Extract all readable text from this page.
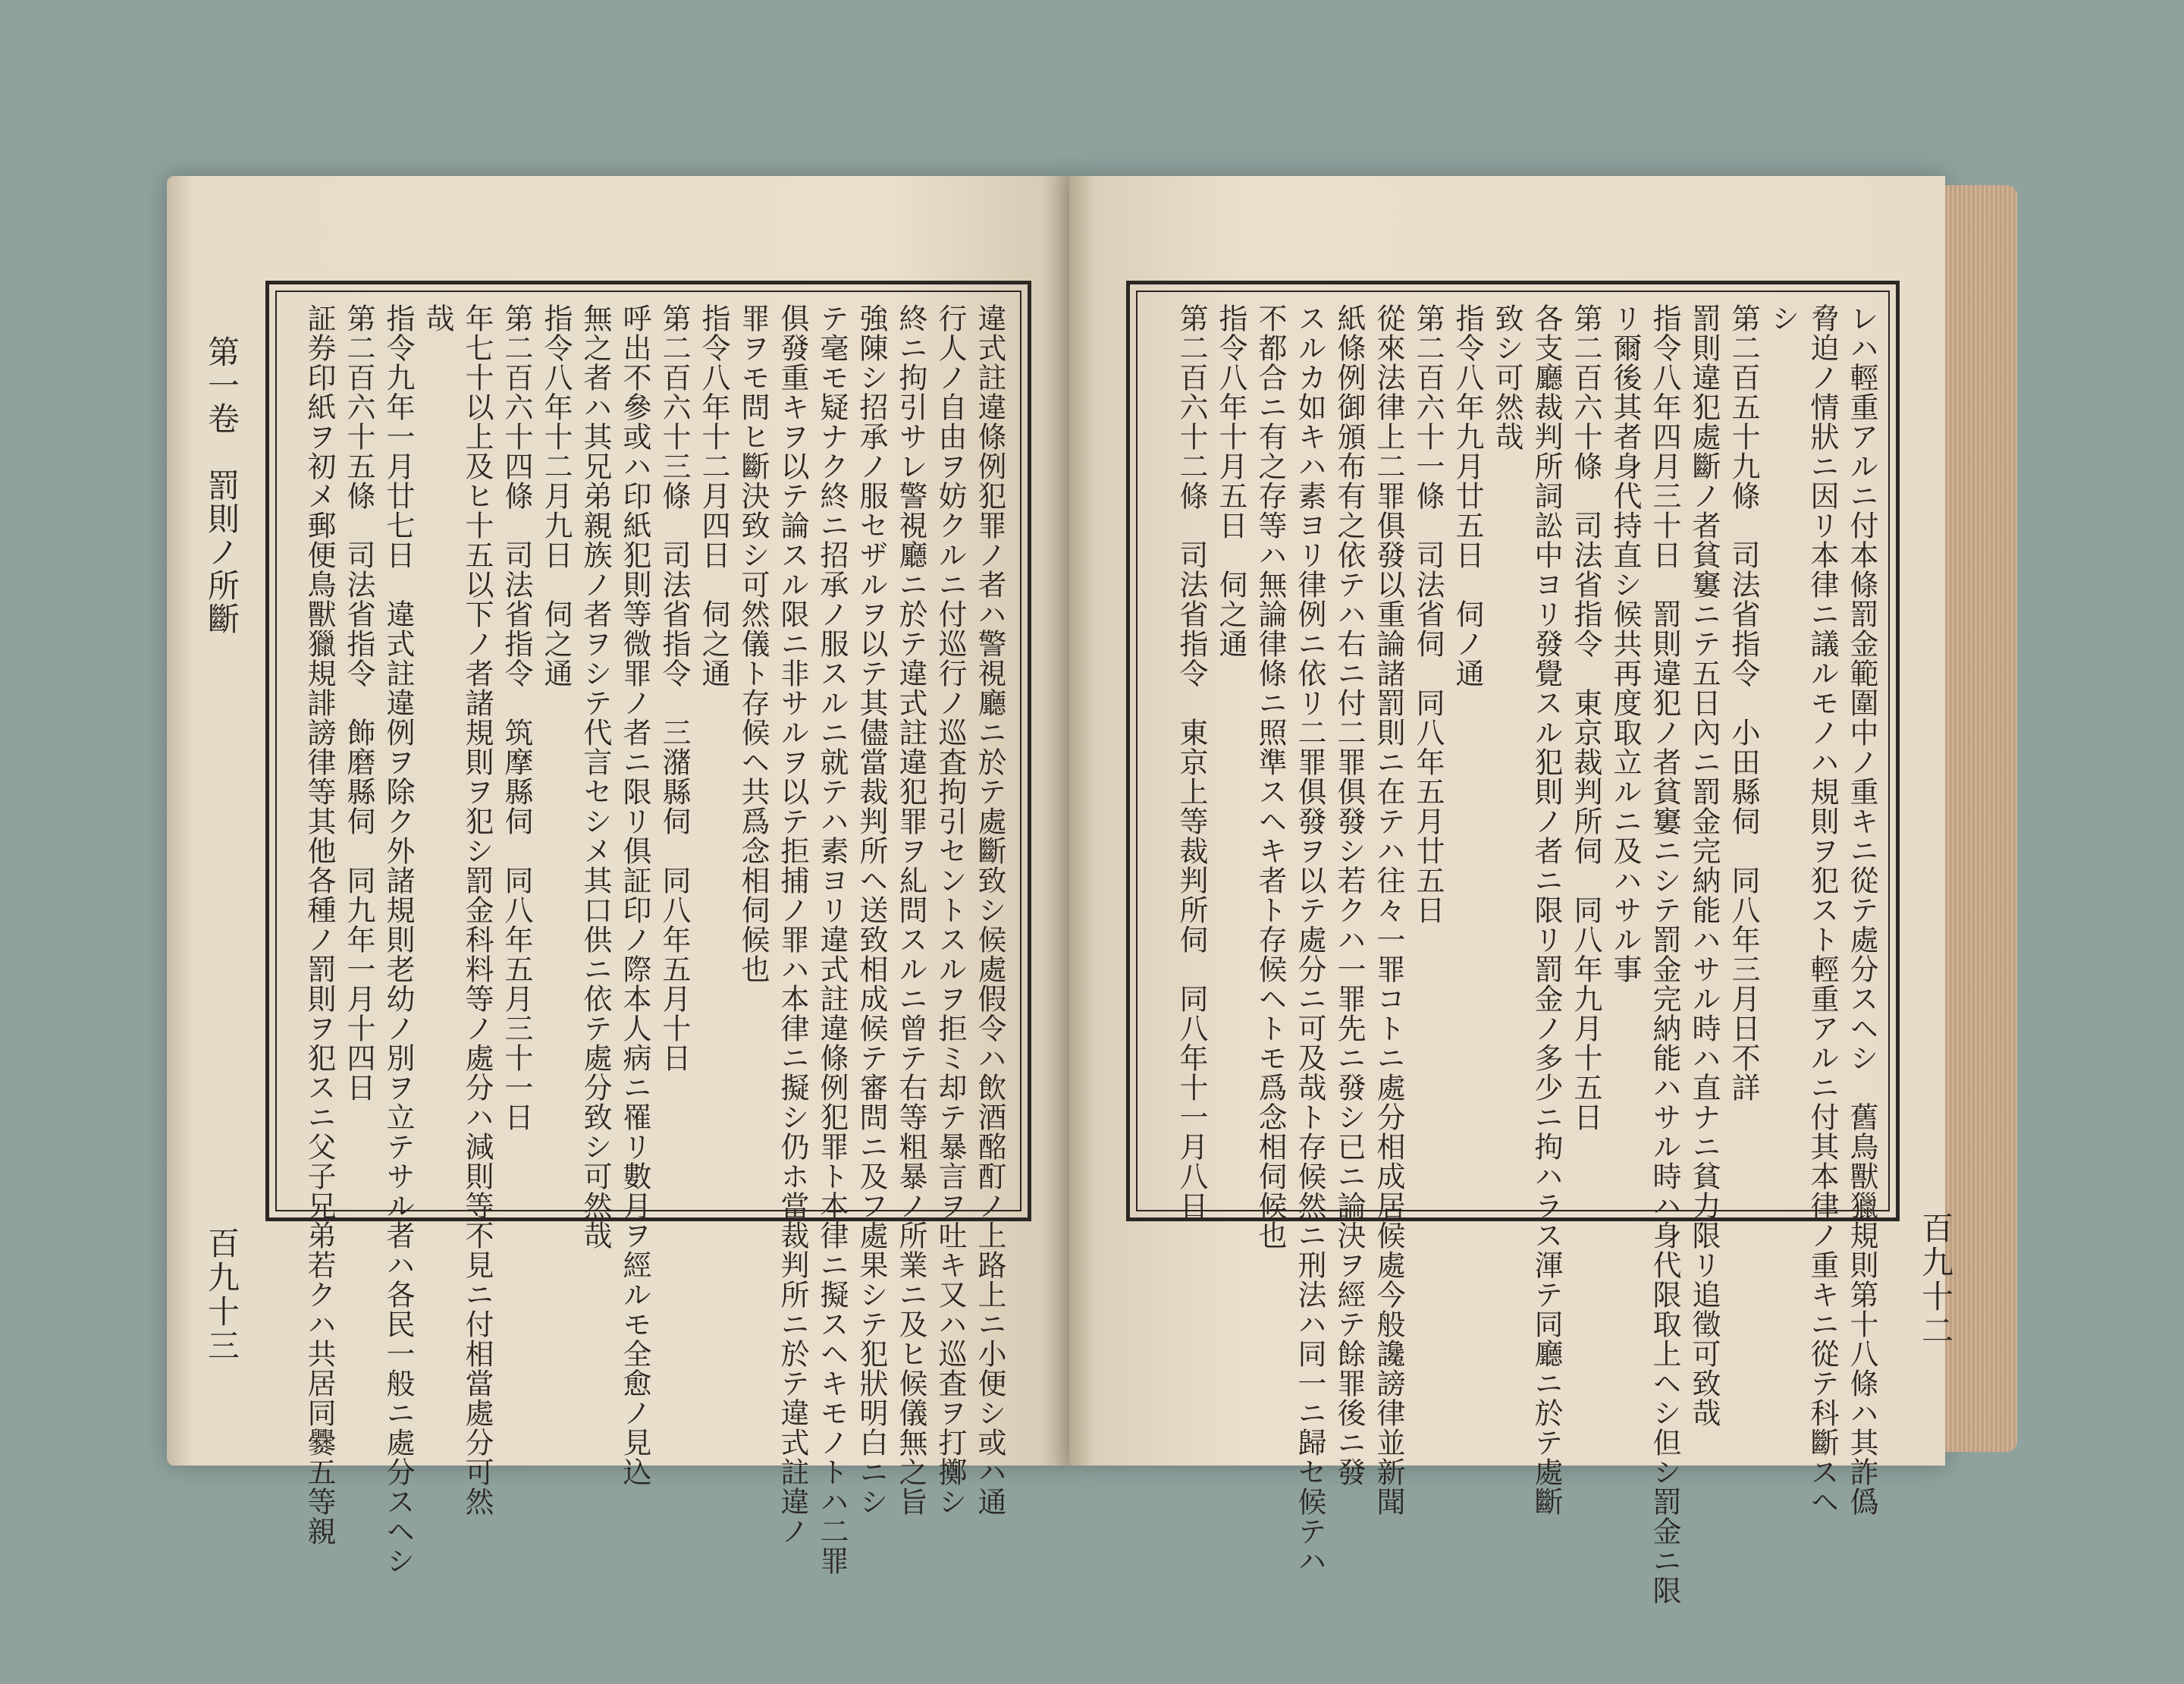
第一卷　罰則ノ所斷
百九十三	違式註違條例犯罪ノ者ハ警視廳ニ於テ處斷致シ候處假令ハ飲酒酩酊ノ上路上ニ小便シ或ハ通
行人ノ自由ヲ妨クルニ付巡行ノ巡査拘引セントスルヲ拒ミ却テ暴言ヲ吐キ又ハ巡査ヲ打擲シ
終ニ拘引サレ警視廳ニ於テ違式註違犯罪ヲ糺問スルニ曾テ右等粗暴ノ所業ニ及ヒ候儀無之旨
強陳シ招承ノ服セザルヲ以テ其儘當裁判所ヘ送致相成候テ審問ニ及フ處果シテ犯狀明白ニシ
テ毫モ疑ナク終ニ招承ノ服スルニ就テハ素ヨリ違式註違條例犯罪ト本律ニ擬スヘキモノトハ二罪
俱發重キヲ以テ論スル限ニ非サルヲ以テ拒捕ノ罪ハ本律ニ擬シ仍ホ當裁判所ニ於テ違式註違ノ
罪ヲモ問ヒ斷決致シ可然儀ト存候ヘ共爲念相伺候也
指令八年十二月四日　伺之通
第二百六十三條　司法省指令　三潴縣伺　同八年五月十日
呼出不參或ハ印紙犯則等微罪ノ者ニ限リ俱証印ノ際本人病ニ罹リ數月ヲ經ルモ全愈ノ見込
無之者ハ其兄弟親族ノ者ヲシテ代言セシメ其口供ニ依テ處分致シ可然哉
指令八年十二月九日　伺之通
第二百六十四條　司法省指令　筑摩縣伺　同八年五月三十一日
年七十以上及ヒ十五以下ノ者諸規則ヲ犯シ罰金科料等ノ處分ハ減則等不見ニ付相當處分可然
哉
指令九年一月廿七日　違式註違例ヲ除ク外諸規則老幼ノ別ヲ立テサル者ハ各民一般ニ處分スヘシ
第二百六十五條　司法省指令　飾磨縣伺　同九年一月十四日
証券印紙ヲ初メ郵便鳥獸獵規誹謗律等其他各種ノ罰則ヲ犯スニ父子兄弟若クハ共居同爨五等親	レハ輕重アルニ付本條罰金範圍中ノ重キニ從テ處分スヘシ　舊鳥獸獵規則第十八條ハ其詐僞
脅迫ノ情狀ニ因リ本律ニ議ルモノハ規則ヲ犯スト輕重アルニ付其本律ノ重キニ從テ科斷スヘ
シ
第二百五十九條　司法省指令　小田縣伺　同八年三月日不詳
罰則違犯處斷ノ者貧窶ニテ五日內ニ罰金完納能ハサル時ハ直ナニ貧力限リ追徵可致哉
指令八年四月三十日　罰則違犯ノ者貧窶ニシテ罰金完納能ハサル時ハ身代限取上ヘシ但シ罰金ニ限
リ爾後其者身代持直シ候共再度取立ルニ及ハサル事
第二百六十條　司法省指令　東京裁判所伺　同八年九月十五日
各支廳裁判所詞訟中ヨリ發覺スル犯則ノ者ニ限リ罰金ノ多少ニ拘ハラス渾テ同廳ニ於テ處斷
致シ可然哉
指令八年九月廿五日　伺ノ通
第二百六十一條　司法省伺　同八年五月廿五日
從來法律上二罪俱發以重論諸罰則ニ在テハ往々一罪コトニ處分相成居候處今般讒謗律並新聞
紙條例御頒布有之依テハ右ニ付二罪俱發シ若クハ一罪先ニ發シ已ニ論決ヲ經テ餘罪後ニ發
スルカ如キハ素ヨリ律例ニ依リ二罪俱發ヲ以テ處分ニ可及哉ト存候然ニ刑法ハ同一ニ歸セ候テハ
不都合ニ有之存等ハ無論律條ニ照準スヘキ者ト存候ヘトモ爲念相伺候也
指令八年十月五日　伺之通
第二百六十二條　司法省指令　東京上等裁判所伺　同八年十一月八日
百九十二
